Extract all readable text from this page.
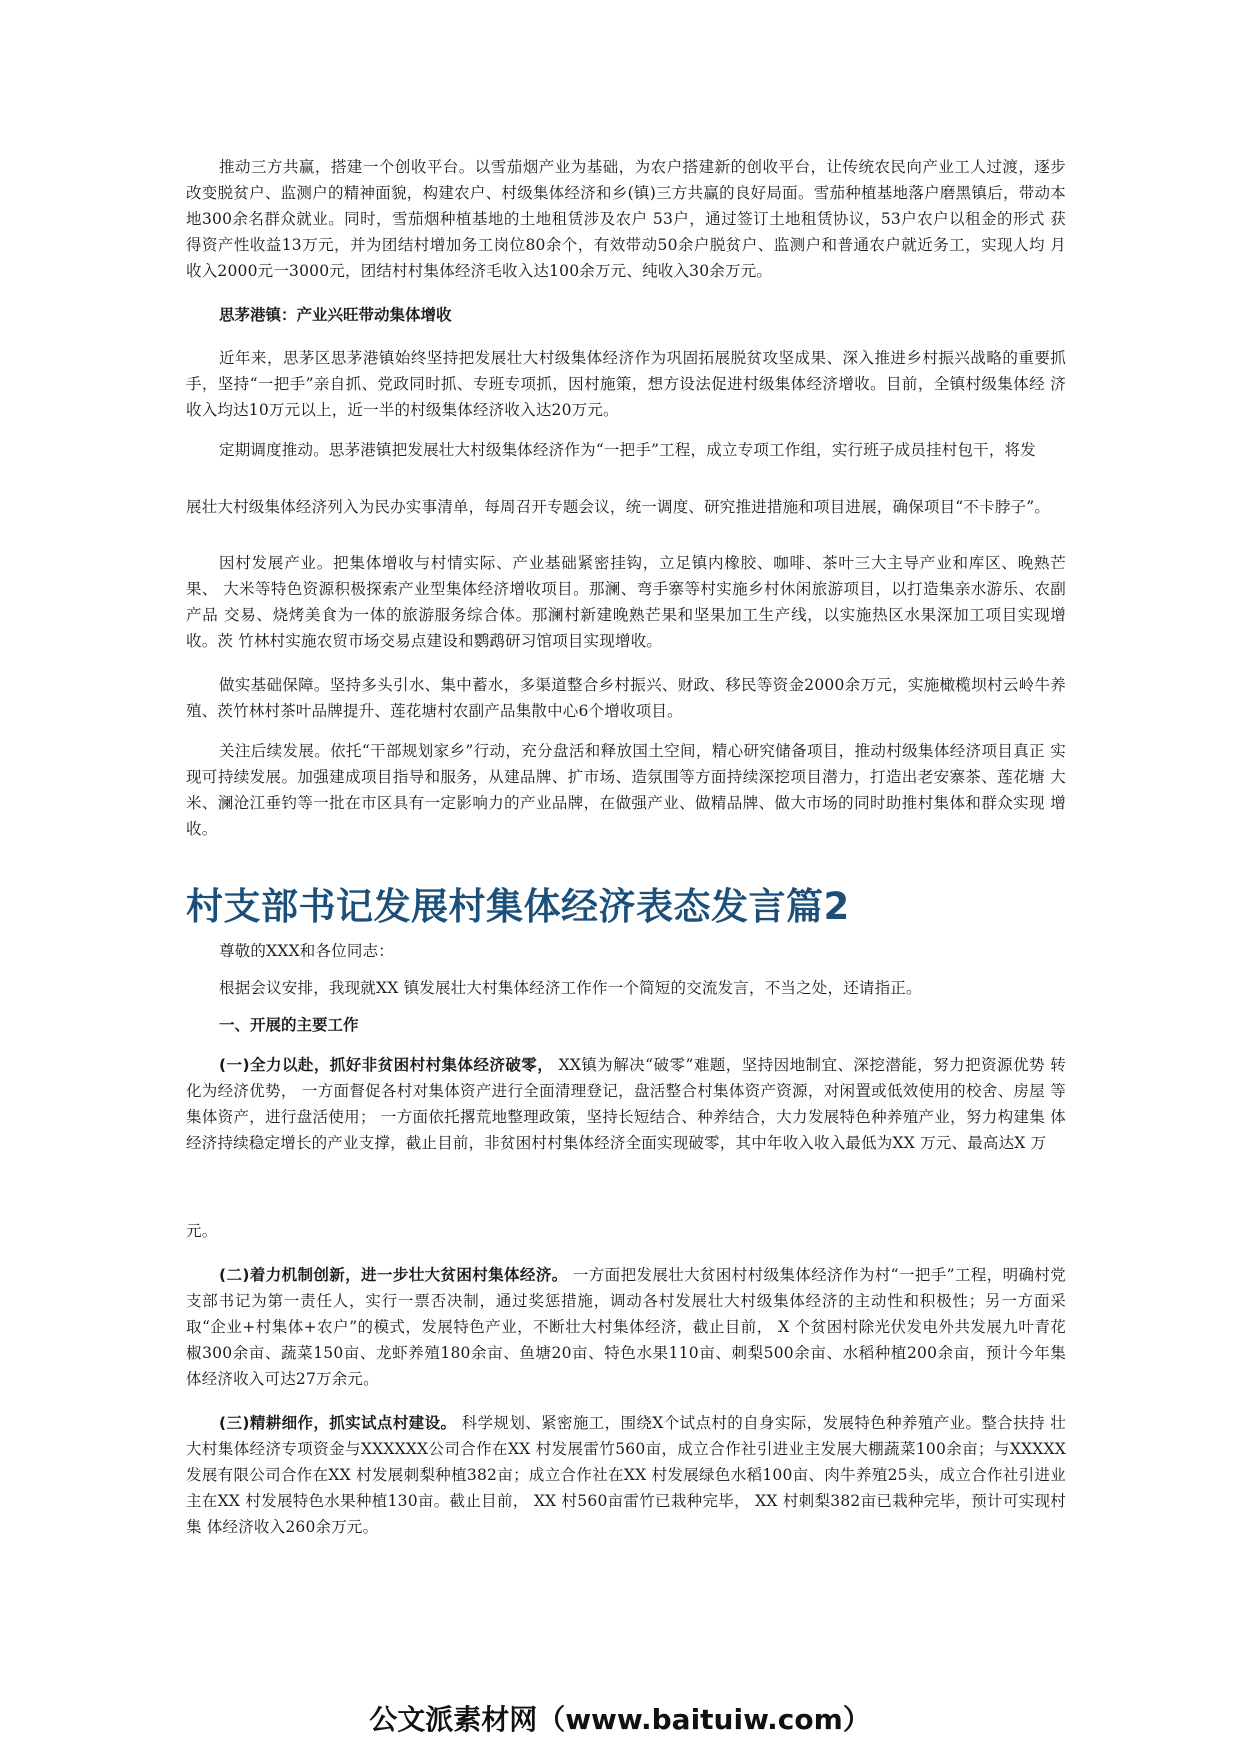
推动三方共赢，搭建一个创收平台。以雪茄烟产业为基础，为农户搭建新的创收平台，让传统农民向产业工人过渡，逐步改变脱贫户、监测户的精神面貌，构建农户、村级集体经济和乡(镇)三方共赢的良好局面。雪茄种植基地落户磨黑镇后，带动本地300余名群众就业。同时，雪茄烟种植基地的土地租赁涉及农户 53户，通过签订土地租赁协议，53户农户以租金的形式 获得资产性收益13万元，并为团结村增加务工岗位80余个，有效带动50余户脱贫户、监测户和普通农户就近务工，实现人均 月收入2000元一3000元，团结村村集体经济毛收入达100余万元、纯收入30余万元。

思茅港镇：产业兴旺带动集体增收

近年来，思茅区思茅港镇始终坚持把发展壮大村级集体经济作为巩固拓展脱贫攻坚成果、深入推进乡村振兴战略的重要抓 手，坚持“一把手”亲自抓、党政同时抓、专班专项抓，因村施策，想方设法促进村级集体经济增收。目前，全镇村级集体经 济收入均达10万元以上，近一半的村级集体经济收入达20万元。

定期调度推动。思茅港镇把发展壮大村级集体经济作为“一把手”工程，成立专项工作组，实行班子成员挂村包干，将发

展壮大村级集体经济列入为民办实事清单，每周召开专题会议，统一调度、研究推进措施和项目进展，确保项目“不卡脖子”。

因村发展产业。把集体增收与村情实际、产业基础紧密挂钩，立足镇内橡胶、咖啡、茶叶三大主导产业和库区、晚熟芒果、 大米等特色资源积极探索产业型集体经济增收项目。那澜、弯手寨等村实施乡村休闲旅游项目，以打造集亲水游乐、农副产品 交易、烧烤美食为一体的旅游服务综合体。那澜村新建晚熟芒果和坚果加工生产线，以实施热区水果深加工项目实现增收。茨 竹林村实施农贸市场交易点建设和鹦鹉研习馆项目实现增收。

做实基础保障。坚持多头引水、集中蓄水，多渠道整合乡村振兴、财政、移民等资金2000余万元，实施橄榄坝村云岭牛养 殖、茨竹林村茶叶品牌提升、莲花塘村农副产品集散中心6个增收项目。

关注后续发展。依托“干部规划家乡”行动，充分盘活和释放国土空间，精心研究储备项目，推动村级集体经济项目真正 实现可持续发展。加强建成项目指导和服务，从建品牌、扩市场、造氛围等方面持续深挖项目潜力，打造出老安寨茶、莲花塘 大米、澜沧江垂钓等一批在市区具有一定影响力的产业品牌，在做强产业、做精品牌、做大市场的同时助推村集体和群众实现 增收。

村支部书记发展村集体经济表态发言篇2

尊敬的XXX和各位同志：

根据会议安排，我现就XX 镇发展壮大村集体经济工作作一个简短的交流发言，不当之处，还请指正。

一、开展的主要工作

(一)全力以赴，抓好非贫困村村集体经济破零， XX镇为解决“破零”难题，坚持因地制宜、深挖潜能，努力把资源优势 转化为经济优势， 一方面督促各村对集体资产进行全面清理登记，盘活整合村集体资产资源，对闲置或低效使用的校舍、房屋 等集体资产，进行盘活使用； 一方面依托撂荒地整理政策，坚持长短结合、种养结合，大力发展特色种养殖产业，努力构建集 体经济持续稳定增长的产业支撑，截止目前，非贫困村村集体经济全面实现破零，其中年收入收入最低为XX 万元、最高达X 万

元。

(二)着力机制创新，进一步壮大贫困村集体经济。 一方面把发展壮大贫困村村级集体经济作为村“一把手”工程，明确村党支部书记为第一责任人，实行一票否决制，通过奖惩措施，调动各村发展壮大村级集体经济的主动性和积极性；另一方面采取“企业+村集体+农户”的模式，发展特色产业，不断壮大村集体经济，截止目前， X 个贫困村除光伏发电外共发展九叶青花 椒300余亩、蔬菜150亩、龙虾养殖180余亩、鱼塘20亩、特色水果110亩、刺梨500余亩、水稻种植200余亩，预计今年集 体经济收入可达27万余元。

(三)精耕细作，抓实试点村建设。 科学规划、紧密施工，围绕X个试点村的自身实际，发展特色种养殖产业。整合扶持 壮大村集体经济专项资金与XXXXXX公司合作在XX 村发展雷竹560亩，成立合作社引进业主发展大棚蔬菜100余亩；与XXXXX 发展有限公司合作在XX 村发展刺梨种植382亩；成立合作社在XX 村发展绿色水稻100亩、肉牛养殖25头，成立合作社引进业 主在XX 村发展特色水果种植130亩。截止目前， XX 村560亩雷竹已栽种完毕， XX 村刺梨382亩已栽种完毕，预计可实现村集 体经济收入260余万元。

公文派素材网（www.baituiw.com）
